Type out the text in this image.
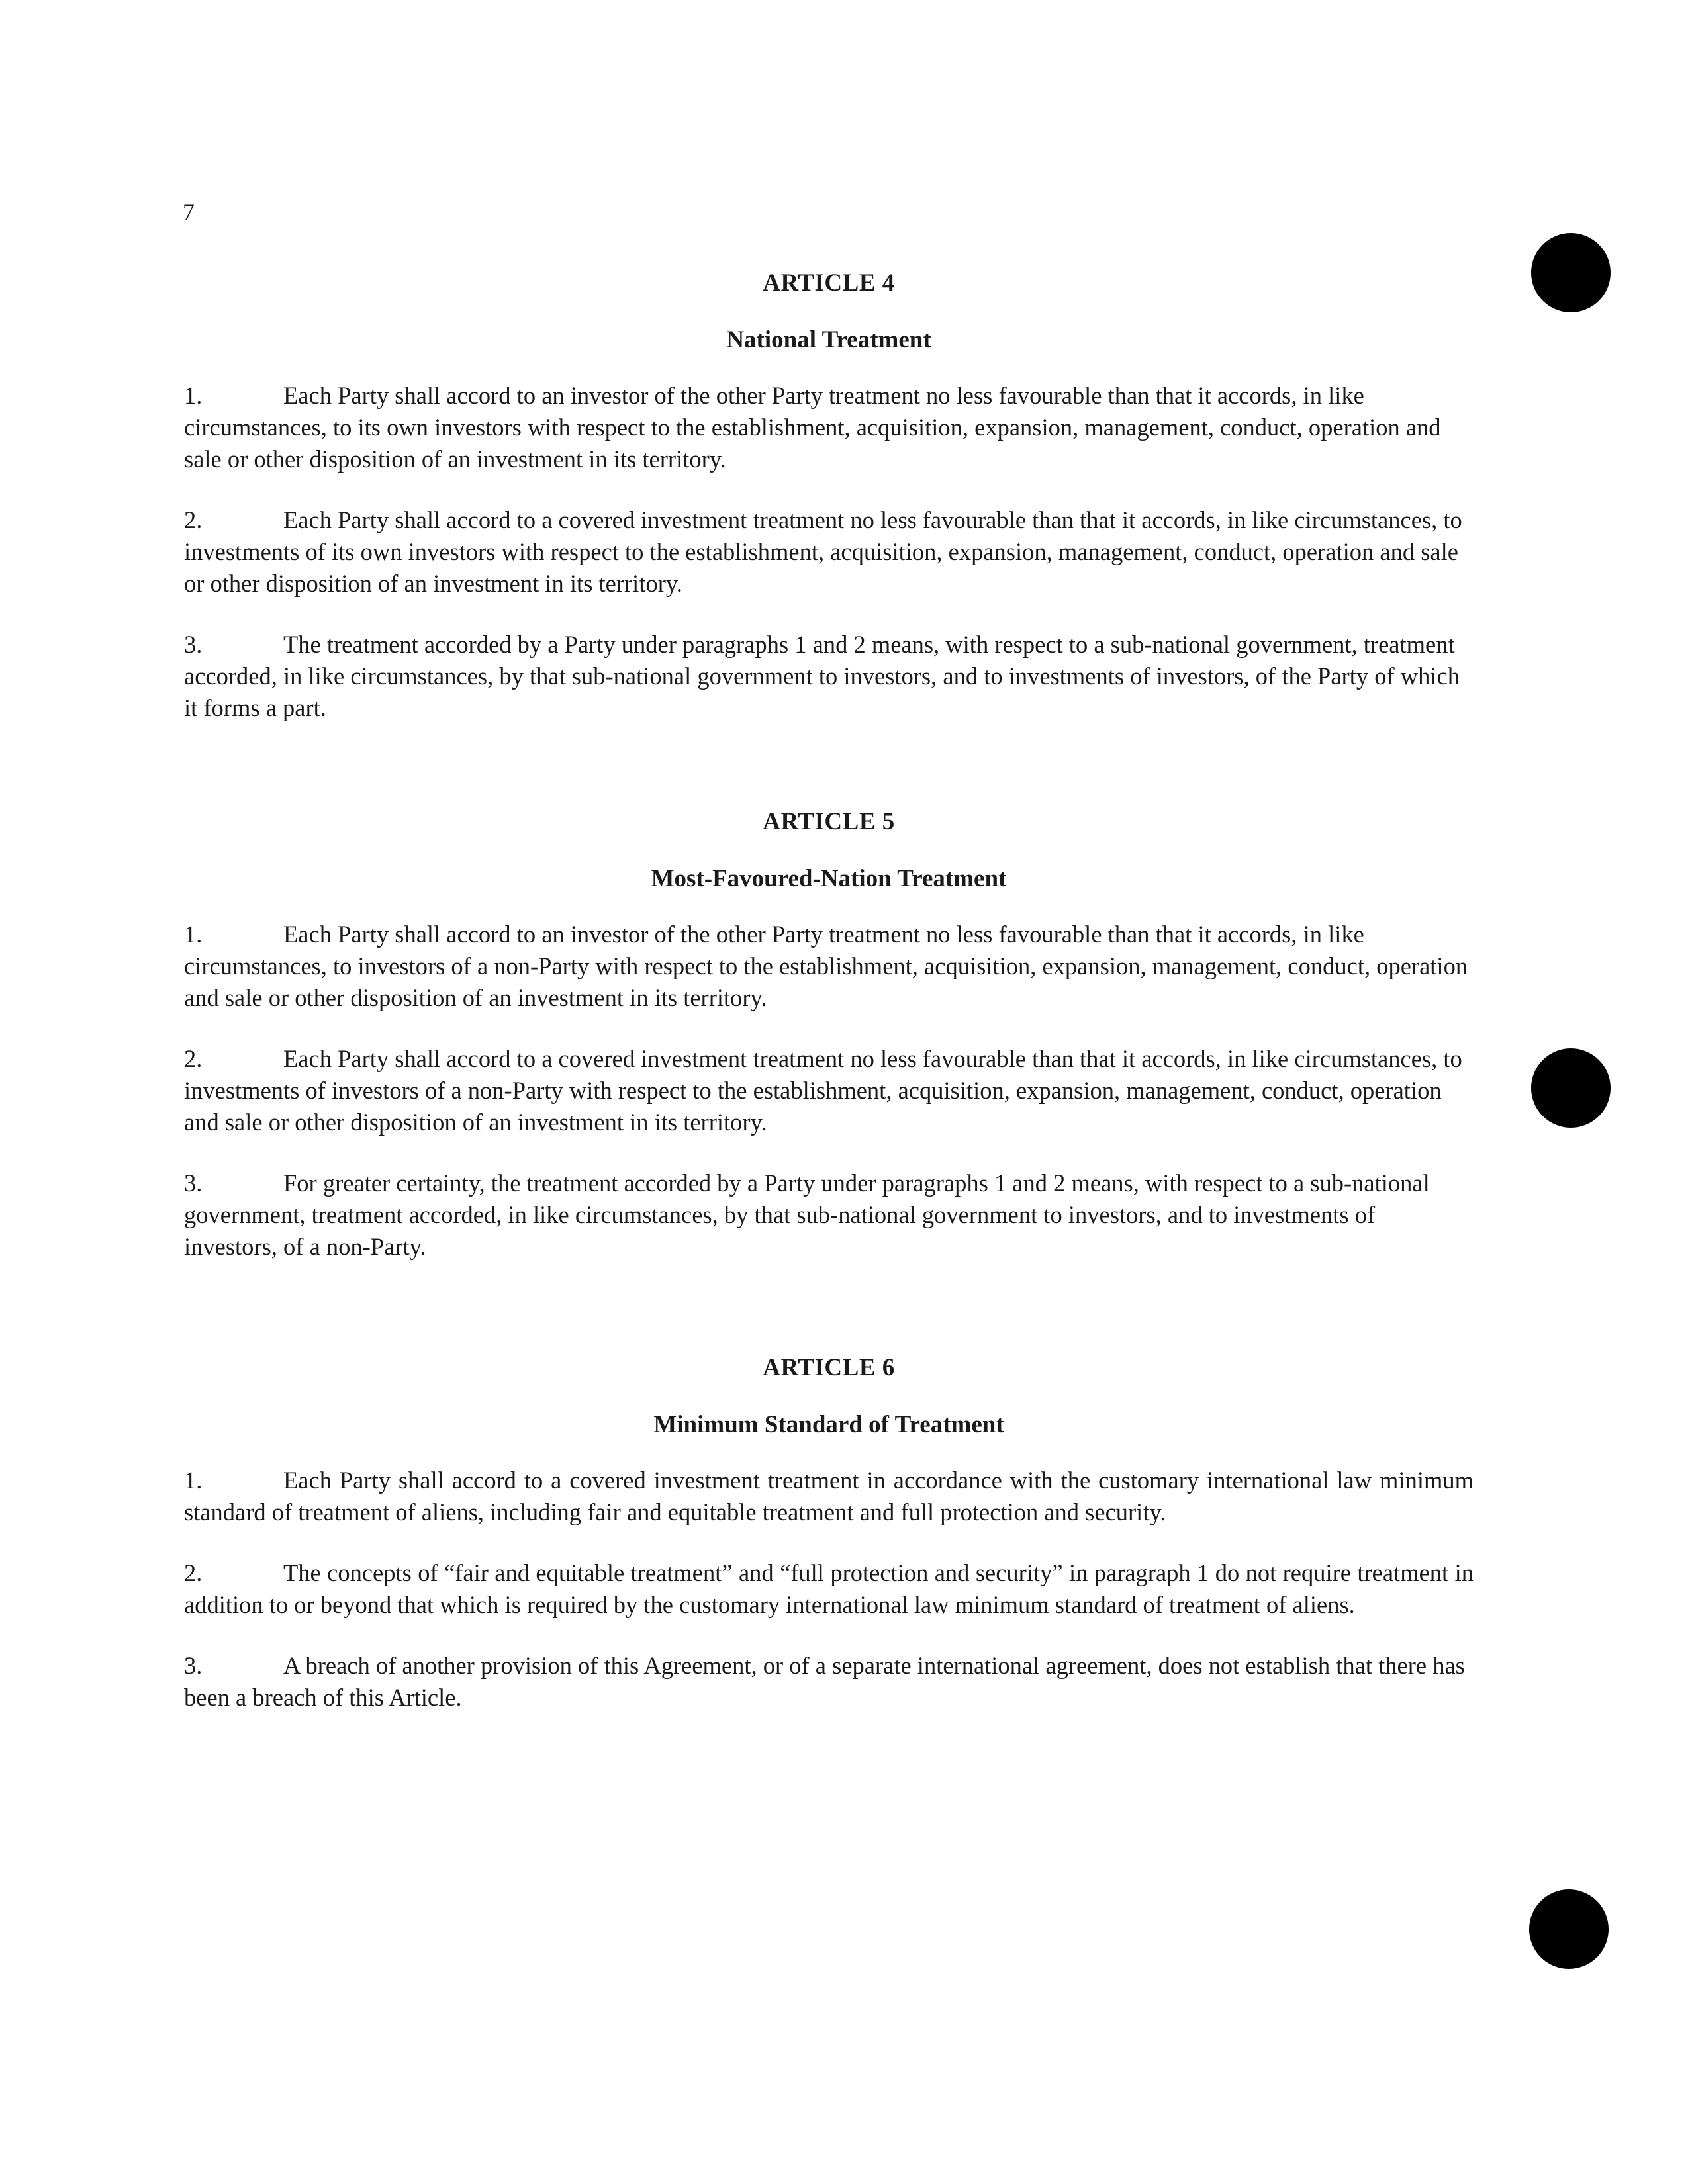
7
ARTICLE 4
National Treatment

1.	Each Party shall accord to an investor of the other Party treatment no less favourable than that it accords, in like circumstances, to its own investors with respect to the establishment, acquisition, expansion, management, conduct, operation and sale or other disposition of an investment in its territory.

2.	Each Party shall accord to a covered investment treatment no less favourable than that it accords, in like circumstances, to investments of its own investors with respect to the establishment, acquisition, expansion, management, conduct, operation and sale or other disposition of an investment in its territory.

3.	The treatment accorded by a Party under paragraphs 1 and 2 means, with respect to a sub-national government, treatment accorded, in like circumstances, by that sub-national government to investors, and to investments of investors, of the Party of which it forms a part.

ARTICLE 5
Most-Favoured-Nation Treatment

1.	Each Party shall accord to an investor of the other Party treatment no less favourable than that it accords, in like circumstances, to investors of a non-Party with respect to the establishment, acquisition, expansion, management, conduct, operation and sale or other disposition of an investment in its territory.

2.	Each Party shall accord to a covered investment treatment no less favourable than that it accords, in like circumstances, to investments of investors of a non-Party with respect to the establishment, acquisition, expansion, management, conduct, operation and sale or other disposition of an investment in its territory.

3.	For greater certainty, the treatment accorded by a Party under paragraphs 1 and 2 means, with respect to a sub-national government, treatment accorded, in like circumstances, by that sub-national government to investors, and to investments of investors, of a non-Party.

ARTICLE 6
Minimum Standard of Treatment

1.	Each Party shall accord to a covered investment treatment in accordance with the customary international law minimum standard of treatment of aliens, including fair and equitable treatment and full protection and security.

2.	The concepts of “fair and equitable treatment” and “full protection and security” in paragraph 1 do not require treatment in addition to or beyond that which is required by the customary international law minimum standard of treatment of aliens.

3.	A breach of another provision of this Agreement, or of a separate international agreement, does not establish that there has been a breach of this Article.
